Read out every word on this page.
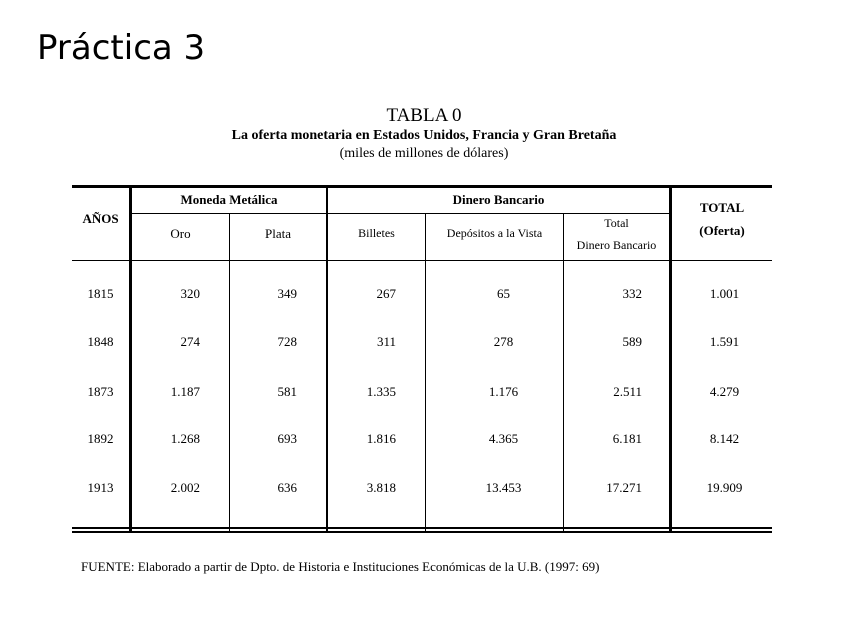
Práctica 3
TABLA 0
La oferta monetaria en Estados Unidos, Francia y Gran Bretaña
(miles de millones de dólares)
AÑOS
Moneda Metálica	Dinero Bancario
TOTAL
(Oferta)
Oro	Plata	Billetes	Depósitos a la Vista
Total
Dinero Bancario
1815	320	349	267	65	332	1.001
1848	274	728	311	278	589	1.591
1873	1.187	581	1.335	1.176	2.511	4.279
1892	1.268	693	1.816	4.365	6.181	8.142
1913	2.002	636	3.818	13.453	17.271	19.909
FUENTE: Elaborado a partir de Dpto. de Historia e Instituciones Económicas de la U.B. (1997: 69)
